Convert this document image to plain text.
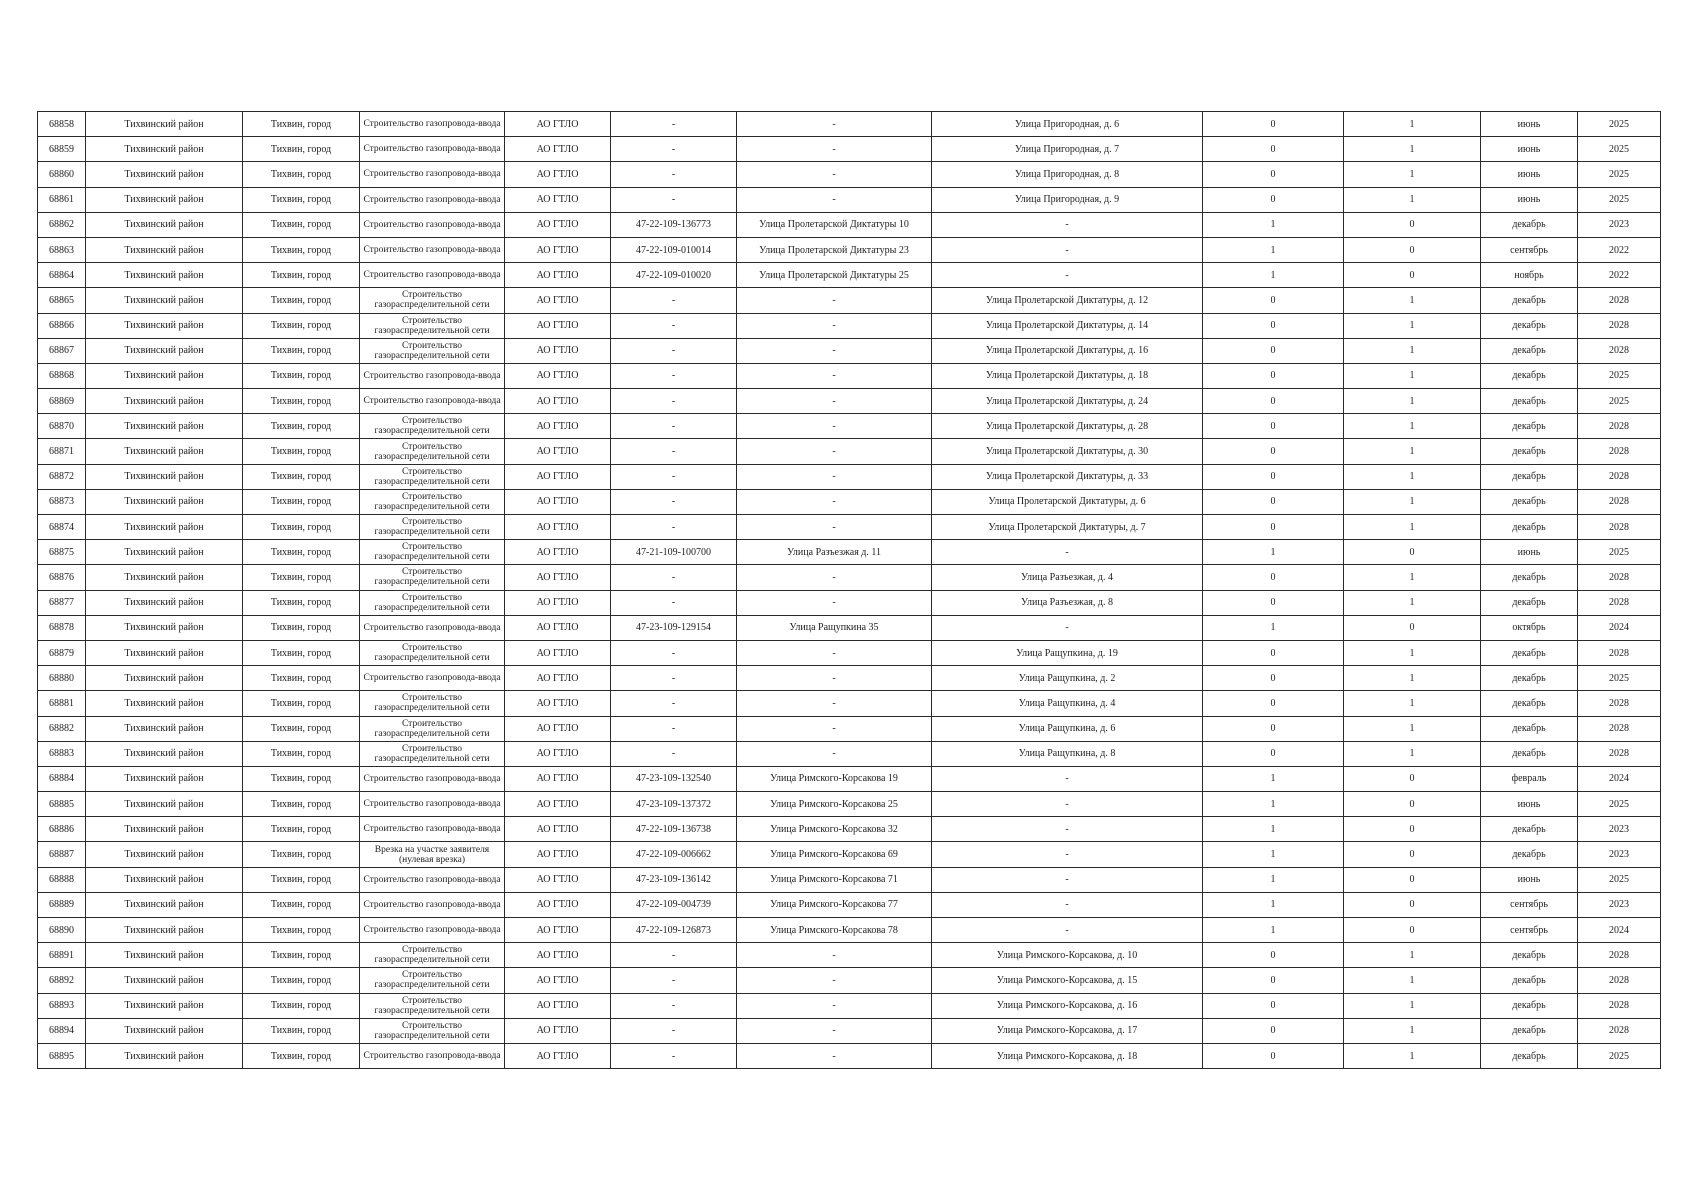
68858	Тихвинский район	Тихвин, город	Строительство газопровода-ввода	АО ГТЛО	-	-	Улица Пригородная, д. 6	0	1	июнь	2025
68859	Тихвинский район	Тихвин, город	Строительство газопровода-ввода	АО ГТЛО	-	-	Улица Пригородная, д. 7	0	1	июнь	2025
68860	Тихвинский район	Тихвин, город	Строительство газопровода-ввода	АО ГТЛО	-	-	Улица Пригородная, д. 8	0	1	июнь	2025
68861	Тихвинский район	Тихвин, город	Строительство газопровода-ввода	АО ГТЛО	-	-	Улица Пригородная, д. 9	0	1	июнь	2025
68862	Тихвинский район	Тихвин, город	Строительство газопровода-ввода	АО ГТЛО	47-22-109-136773	Улица Пролетарской Диктатуры 10	-	1	0	декабрь	2023
68863	Тихвинский район	Тихвин, город	Строительство газопровода-ввода	АО ГТЛО	47-22-109-010014	Улица Пролетарской Диктатуры 23	-	1	0	сентябрь	2022
68864	Тихвинский район	Тихвин, город	Строительство газопровода-ввода	АО ГТЛО	47-22-109-010020	Улица Пролетарской Диктатуры 25	-	1	0	ноябрь	2022
68865	Тихвинский район	Тихвин, город	Строительство газораспределительной сети	АО ГТЛО	-	-	Улица Пролетарской Диктатуры, д. 12	0	1	декабрь	2028
68866	Тихвинский район	Тихвин, город	Строительство газораспределительной сети	АО ГТЛО	-	-	Улица Пролетарской Диктатуры, д. 14	0	1	декабрь	2028
68867	Тихвинский район	Тихвин, город	Строительство газораспределительной сети	АО ГТЛО	-	-	Улица Пролетарской Диктатуры, д. 16	0	1	декабрь	2028
68868	Тихвинский район	Тихвин, город	Строительство газопровода-ввода	АО ГТЛО	-	-	Улица Пролетарской Диктатуры, д. 18	0	1	декабрь	2025
68869	Тихвинский район	Тихвин, город	Строительство газопровода-ввода	АО ГТЛО	-	-	Улица Пролетарской Диктатуры, д. 24	0	1	декабрь	2025
68870	Тихвинский район	Тихвин, город	Строительство газораспределительной сети	АО ГТЛО	-	-	Улица Пролетарской Диктатуры, д. 28	0	1	декабрь	2028
68871	Тихвинский район	Тихвин, город	Строительство газораспределительной сети	АО ГТЛО	-	-	Улица Пролетарской Диктатуры, д. 30	0	1	декабрь	2028
68872	Тихвинский район	Тихвин, город	Строительство газораспределительной сети	АО ГТЛО	-	-	Улица Пролетарской Диктатуры, д. 33	0	1	декабрь	2028
68873	Тихвинский район	Тихвин, город	Строительство газораспределительной сети	АО ГТЛО	-	-	Улица Пролетарской Диктатуры, д. 6	0	1	декабрь	2028
68874	Тихвинский район	Тихвин, город	Строительство газораспределительной сети	АО ГТЛО	-	-	Улица Пролетарской Диктатуры, д. 7	0	1	декабрь	2028
68875	Тихвинский район	Тихвин, город	Строительство газораспределительной сети	АО ГТЛО	47-21-109-100700	Улица Разъезжая д. 11	-	1	0	июнь	2025
68876	Тихвинский район	Тихвин, город	Строительство газораспределительной сети	АО ГТЛО	-	-	Улица Разъезжая, д. 4	0	1	декабрь	2028
68877	Тихвинский район	Тихвин, город	Строительство газораспределительной сети	АО ГТЛО	-	-	Улица Разъезжая, д. 8	0	1	декабрь	2028
68878	Тихвинский район	Тихвин, город	Строительство газопровода-ввода	АО ГТЛО	47-23-109-129154	Улица Ращупкина 35	-	1	0	октябрь	2024
68879	Тихвинский район	Тихвин, город	Строительство газораспределительной сети	АО ГТЛО	-	-	Улица Ращупкина, д. 19	0	1	декабрь	2028
68880	Тихвинский район	Тихвин, город	Строительство газопровода-ввода	АО ГТЛО	-	-	Улица Ращупкина, д. 2	0	1	декабрь	2025
68881	Тихвинский район	Тихвин, город	Строительство газораспределительной сети	АО ГТЛО	-	-	Улица Ращупкина, д. 4	0	1	декабрь	2028
68882	Тихвинский район	Тихвин, город	Строительство газораспределительной сети	АО ГТЛО	-	-	Улица Ращупкина, д. 6	0	1	декабрь	2028
68883	Тихвинский район	Тихвин, город	Строительство газораспределительной сети	АО ГТЛО	-	-	Улица Ращупкина, д. 8	0	1	декабрь	2028
68884	Тихвинский район	Тихвин, город	Строительство газопровода-ввода	АО ГТЛО	47-23-109-132540	Улица Римского-Корсакова 19	-	1	0	февраль	2024
68885	Тихвинский район	Тихвин, город	Строительство газопровода-ввода	АО ГТЛО	47-23-109-137372	Улица Римского-Корсакова 25	-	1	0	июнь	2025
68886	Тихвинский район	Тихвин, город	Строительство газопровода-ввода	АО ГТЛО	47-22-109-136738	Улица Римского-Корсакова 32	-	1	0	декабрь	2023
68887	Тихвинский район	Тихвин, город	Врезка на участке заявителя (нулевая врезка)	АО ГТЛО	47-22-109-006662	Улица Римского-Корсакова 69	-	1	0	декабрь	2023
68888	Тихвинский район	Тихвин, город	Строительство газопровода-ввода	АО ГТЛО	47-23-109-136142	Улица Римского-Корсакова 71	-	1	0	июнь	2025
68889	Тихвинский район	Тихвин, город	Строительство газопровода-ввода	АО ГТЛО	47-22-109-004739	Улица Римского-Корсакова 77	-	1	0	сентябрь	2023
68890	Тихвинский район	Тихвин, город	Строительство газопровода-ввода	АО ГТЛО	47-22-109-126873	Улица Римского-Корсакова 78	-	1	0	сентябрь	2024
68891	Тихвинский район	Тихвин, город	Строительство газораспределительной сети	АО ГТЛО	-	-	Улица Римского-Корсакова, д. 10	0	1	декабрь	2028
68892	Тихвинский район	Тихвин, город	Строительство газораспределительной сети	АО ГТЛО	-	-	Улица Римского-Корсакова, д. 15	0	1	декабрь	2028
68893	Тихвинский район	Тихвин, город	Строительство газораспределительной сети	АО ГТЛО	-	-	Улица Римского-Корсакова, д. 16	0	1	декабрь	2028
68894	Тихвинский район	Тихвин, город	Строительство газораспределительной сети	АО ГТЛО	-	-	Улица Римского-Корсакова, д. 17	0	1	декабрь	2028
68895	Тихвинский район	Тихвин, город	Строительство газопровода-ввода	АО ГТЛО	-	-	Улица Римского-Корсакова, д. 18	0	1	декабрь	2025
